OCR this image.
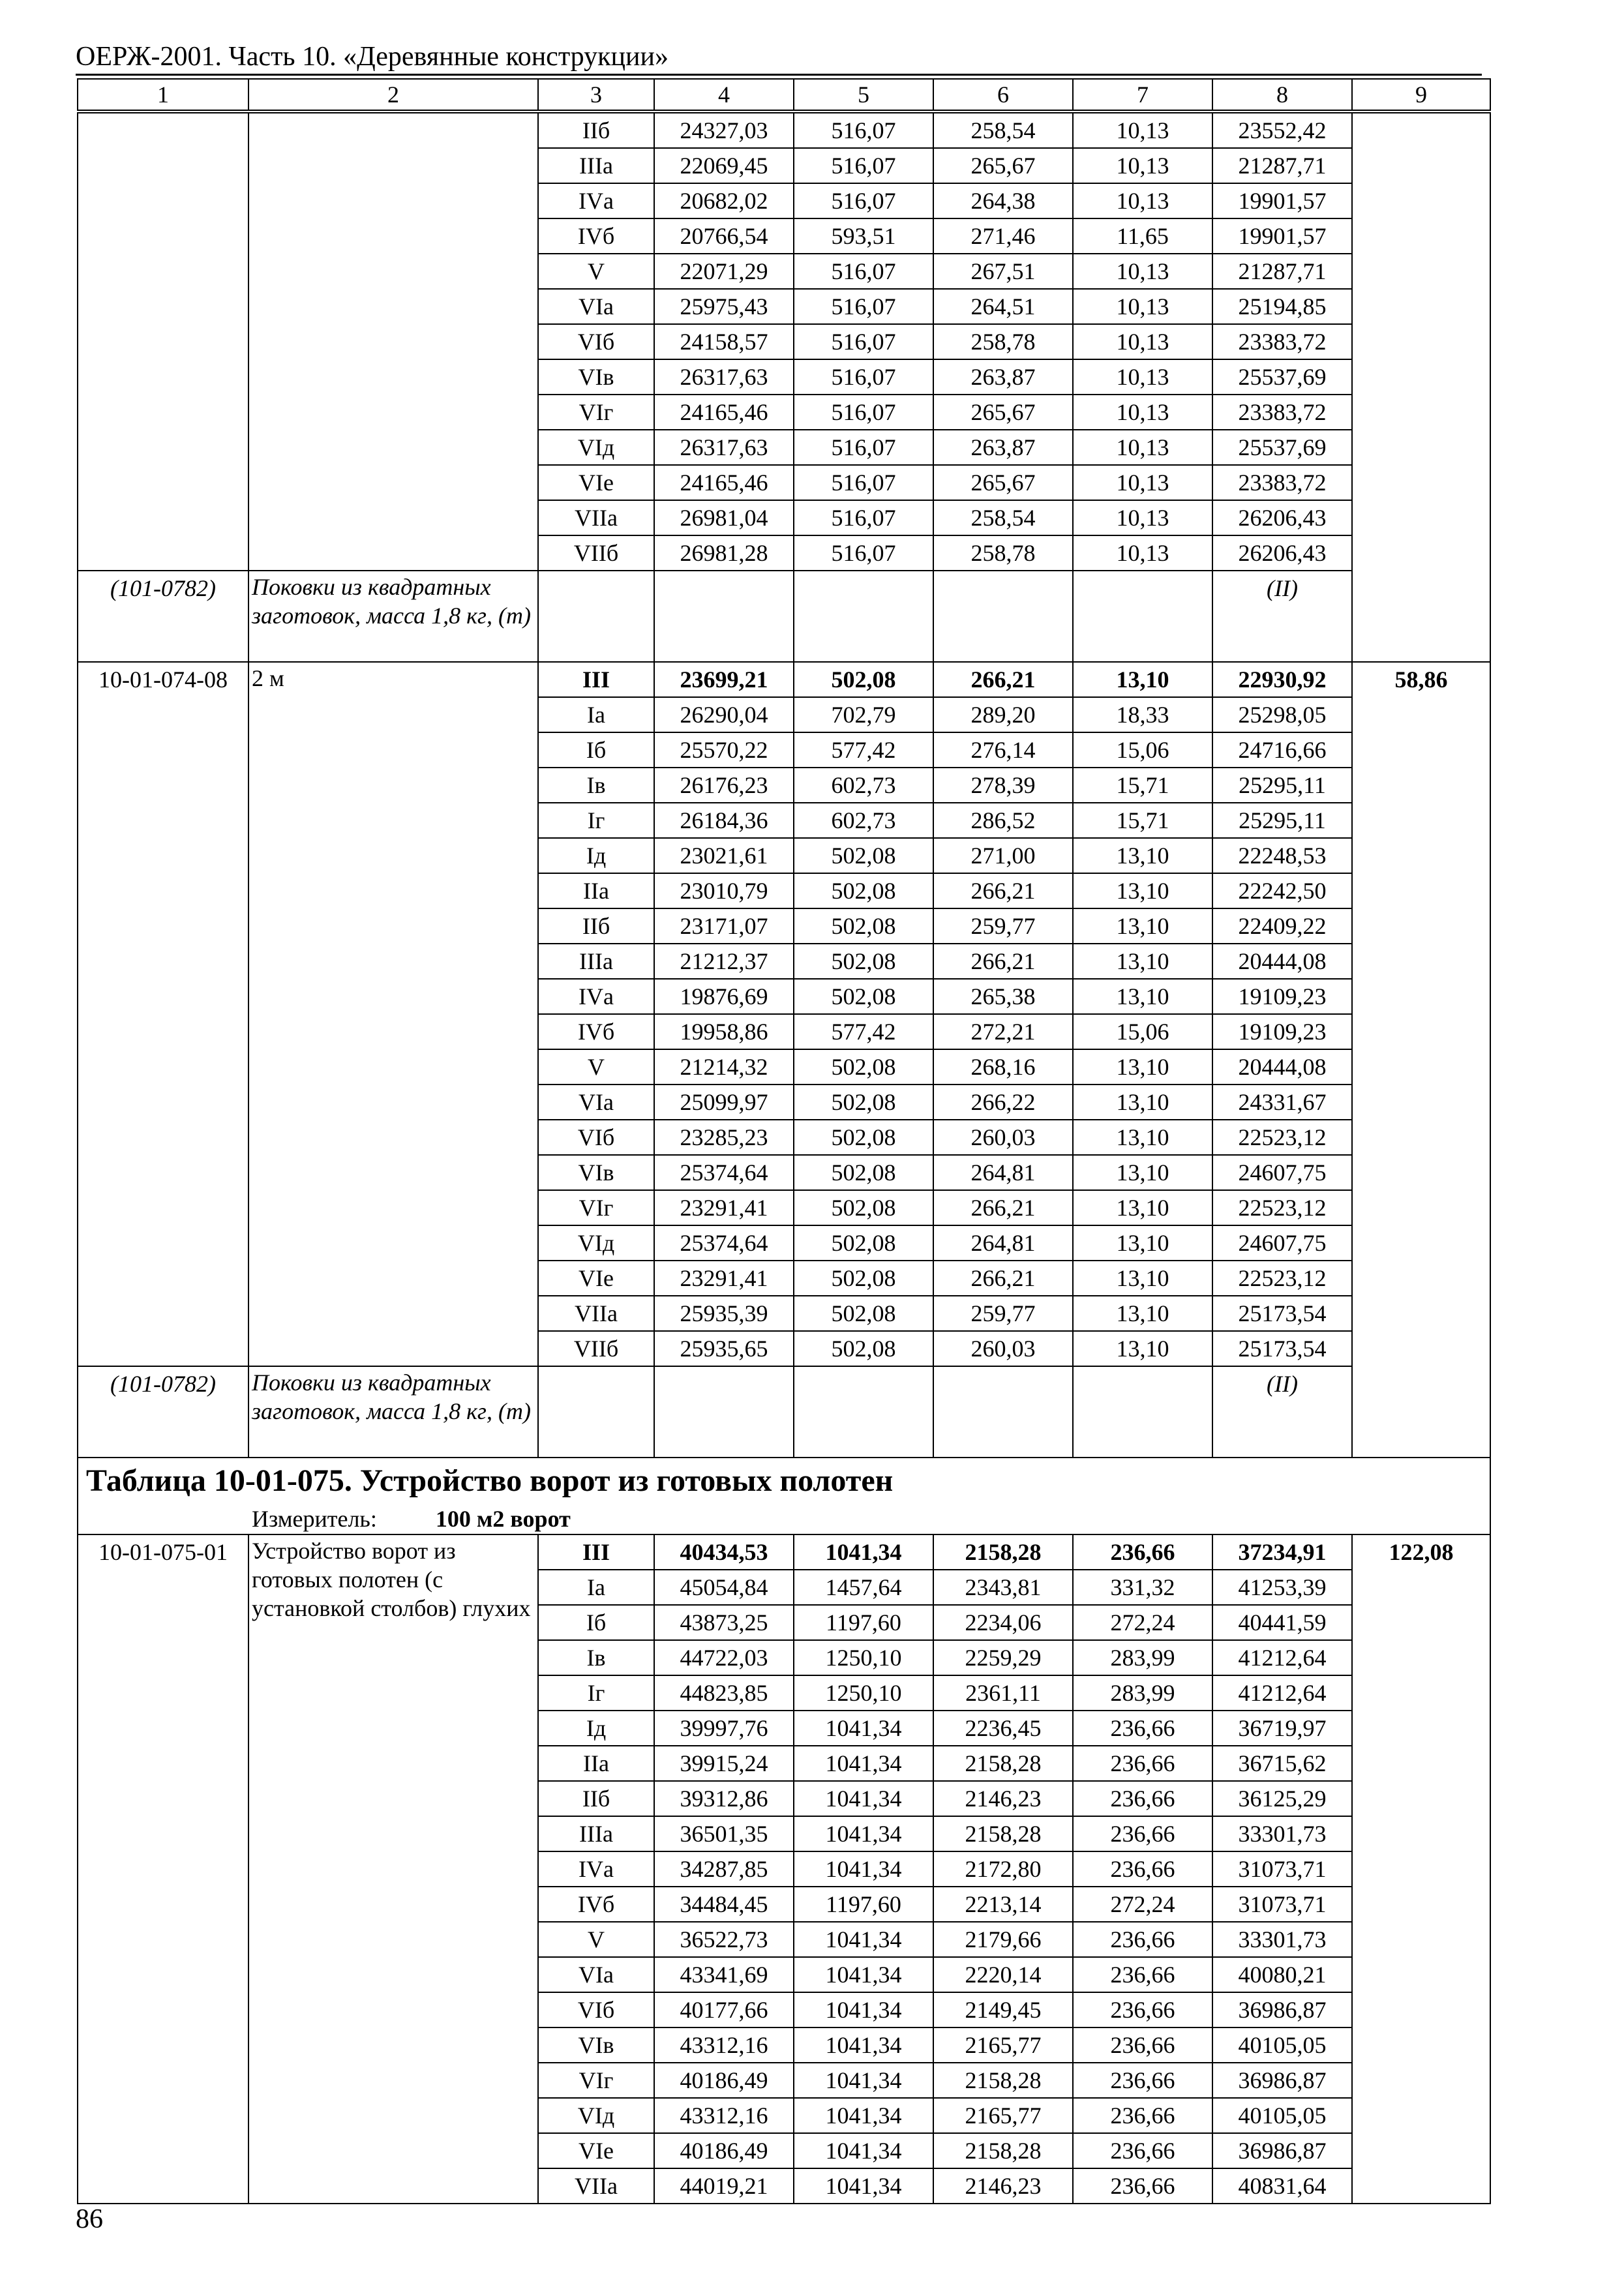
ОЕРЖ-2001. Часть 10. «Деревянные конструкции»
1	2	3	4	5	6	7	8	9
		IIб	24327,03	516,07	258,54	10,13	23552,42	
		IIIа	22069,45	516,07	265,67	10,13	21287,71	
		IVа	20682,02	516,07	264,38	10,13	19901,57	
		IVб	20766,54	593,51	271,46	11,65	19901,57	
		V	22071,29	516,07	267,51	10,13	21287,71	
		VIа	25975,43	516,07	264,51	10,13	25194,85	
		VIб	24158,57	516,07	258,78	10,13	23383,72	
		VIв	26317,63	516,07	263,87	10,13	25537,69	
		VIг	24165,46	516,07	265,67	10,13	23383,72	
		VIд	26317,63	516,07	263,87	10,13	25537,69	
		VIе	24165,46	516,07	265,67	10,13	23383,72	
		VIIа	26981,04	516,07	258,54	10,13	26206,43	
		VIIб	26981,28	516,07	258,78	10,13	26206,43	
(101-0782)	Поковки из квадратных заготовок, масса 1,8 кг, (т)						(II)	
10-01-074-08	2 м	III	23699,21	502,08	266,21	13,10	22930,92	58,86
		Iа	26290,04	702,79	289,20	18,33	25298,05	
		Iб	25570,22	577,42	276,14	15,06	24716,66	
		Iв	26176,23	602,73	278,39	15,71	25295,11	
		Iг	26184,36	602,73	286,52	15,71	25295,11	
		Iд	23021,61	502,08	271,00	13,10	22248,53	
		IIа	23010,79	502,08	266,21	13,10	22242,50	
		IIб	23171,07	502,08	259,77	13,10	22409,22	
		IIIа	21212,37	502,08	266,21	13,10	20444,08	
		IVа	19876,69	502,08	265,38	13,10	19109,23	
		IVб	19958,86	577,42	272,21	15,06	19109,23	
		V	21214,32	502,08	268,16	13,10	20444,08	
		VIа	25099,97	502,08	266,22	13,10	24331,67	
		VIб	23285,23	502,08	260,03	13,10	22523,12	
		VIв	25374,64	502,08	264,81	13,10	24607,75	
		VIг	23291,41	502,08	266,21	13,10	22523,12	
		VIд	25374,64	502,08	264,81	13,10	24607,75	
		VIе	23291,41	502,08	266,21	13,10	22523,12	
		VIIа	25935,39	502,08	259,77	13,10	25173,54	
		VIIб	25935,65	502,08	260,03	13,10	25173,54	
(101-0782)	Поковки из квадратных заготовок, масса 1,8 кг, (т)						(II)	
Таблица 10-01-075. Устройство ворот из готовых полотен								
Измеритель: 100 м2 ворот								
10-01-075-01	Устройство ворот из готовых полотен (с установкой столбов) глухих	III	40434,53	1041,34	2158,28	236,66	37234,91	122,08
		Iа	45054,84	1457,64	2343,81	331,32	41253,39	
		Iб	43873,25	1197,60	2234,06	272,24	40441,59	
		Iв	44722,03	1250,10	2259,29	283,99	41212,64	
		Iг	44823,85	1250,10	2361,11	283,99	41212,64	
		Iд	39997,76	1041,34	2236,45	236,66	36719,97	
		IIа	39915,24	1041,34	2158,28	236,66	36715,62	
		IIб	39312,86	1041,34	2146,23	236,66	36125,29	
		IIIа	36501,35	1041,34	2158,28	236,66	33301,73	
		IVа	34287,85	1041,34	2172,80	236,66	31073,71	
		IVб	34484,45	1197,60	2213,14	272,24	31073,71	
		V	36522,73	1041,34	2179,66	236,66	33301,73	
		VIа	43341,69	1041,34	2220,14	236,66	40080,21	
		VIб	40177,66	1041,34	2149,45	236,66	36986,87	
		VIв	43312,16	1041,34	2165,77	236,66	40105,05	
		VIг	40186,49	1041,34	2158,28	236,66	36986,87	
		VIд	43312,16	1041,34	2165,77	236,66	40105,05	
		VIе	40186,49	1041,34	2158,28	236,66	36986,87	
		VIIа	44019,21	1041,34	2146,23	236,66	40831,64	
86
